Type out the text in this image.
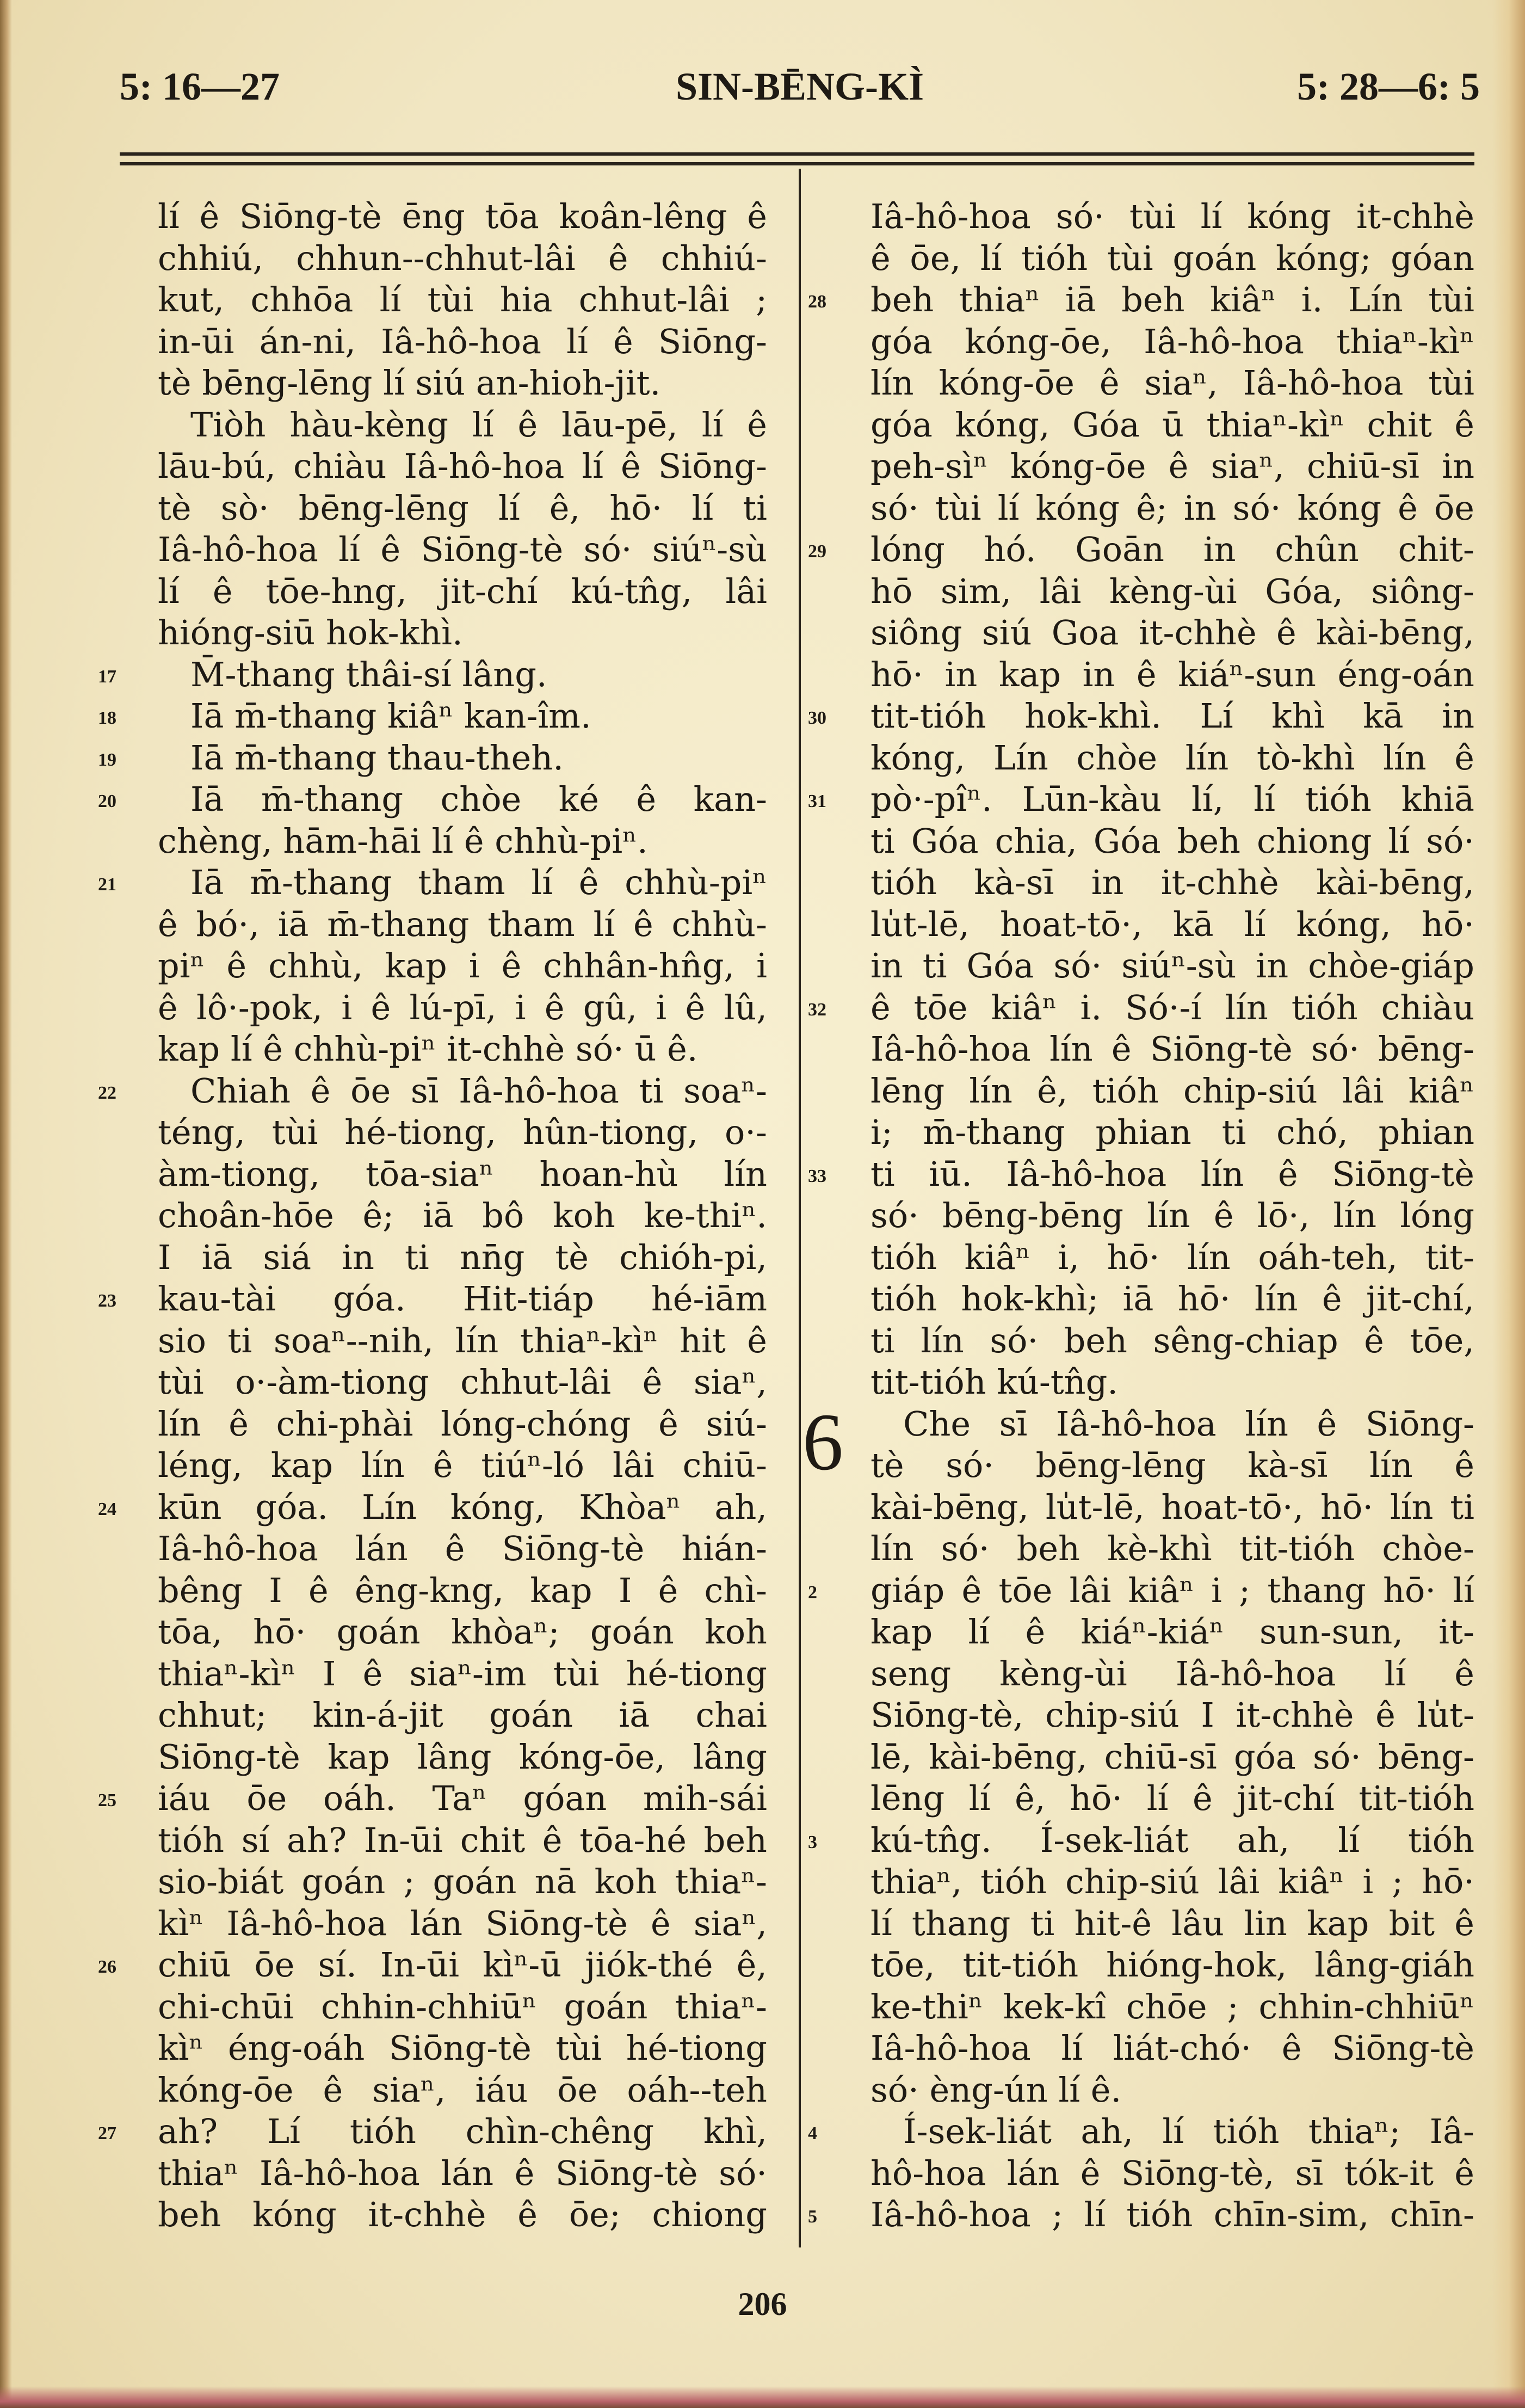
5: 16—27	SIN-BĒNG-KÌ	5: 28—6: 5
lí ê Siōng-tè ēng tōa koân-lêng ê
chhiú, chhun--chhut-lâi ê chhiú-
kut, chhōa lí tùi hia chhut-lâi ;
in-ūi án-ni, Iâ-hô-hoa lí ê Siōng-
tè bēng-lēng lí siú an-hioh-jit.
Tiòh hàu-kèng lí ê lāu-pē, lí ê
lāu-bú, chiàu Iâ-hô-hoa lí ê Siōng-
tè sò· bēng-lēng lí ê, hō· lí ti
Iâ-hô-hoa lí ê Siōng-tè só· siúⁿ-sù
lí ê tōe-hng, jit-chí kú-tn̂g, lâi
hióng-siū hok-khì.
17 M̄-thang thâi-sí lâng.
18 Iā m̄-thang kiâⁿ kan-îm.
19 Iā m̄-thang thau-theh.
20 Iā m̄-thang chòe ké ê kan-
chèng, hām-hāi lí ê chhù-piⁿ.
21 Iā m̄-thang tham lí ê chhù-piⁿ
ê bó·, iā m̄-thang tham lí ê chhù-
piⁿ ê chhù, kap i ê chhân-hn̂g, i
ê lô·-pok, i ê lú-pī, i ê gû, i ê lû,
kap lí ê chhù-piⁿ it-chhè só· ū ê.
22 Chiah ê ōe sī Iâ-hô-hoa ti soaⁿ-
téng, tùi hé-tiong, hûn-tiong, o·-
àm-tiong, tōa-siaⁿ hoan-hù lín
choân-hōe ê; iā bô koh ke-thiⁿ.
I iā siá in ti nn̄g tè chióh-pi,
23 kau-tài góa. Hit-tiáp hé-iām
sio ti soaⁿ--nih, lín thiaⁿ-kìⁿ hit ê
tùi o·-àm-tiong chhut-lâi ê siaⁿ,
lín ê chi-phài lóng-chóng ê siú-
léng, kap lín ê tiúⁿ-ló lâi chiū-
24 kūn góa. Lín kóng, Khòaⁿ ah,
Iâ-hô-hoa lán ê Siōng-tè hián-
bêng I ê êng-kng, kap I ê chì-
tōa, hō· goán khòaⁿ; goán koh
thiaⁿ-kìⁿ I ê siaⁿ-im tùi hé-tiong
chhut; kin-á-jit goán iā chai
Siōng-tè kap lâng kóng-ōe, lâng
25 iáu ōe oáh. Taⁿ góan mih-sái
tióh sí ah? In-ūi chit ê tōa-hé beh
sio-biát goán ; goán nā koh thiaⁿ-
kìⁿ Iâ-hô-hoa lán Siōng-tè ê siaⁿ,
26 chiū ōe sí. In-ūi kìⁿ-ū jiók-thé ê,
chi-chūi chhin-chhiūⁿ goán thiaⁿ-
kìⁿ éng-oáh Siōng-tè tùi hé-tiong
kóng-ōe ê siaⁿ, iáu ōe oáh--teh
27 ah? Lí tióh chìn-chêng khì,
thiaⁿ Iâ-hô-hoa lán ê Siōng-tè só·
beh kóng it-chhè ê ōe; chiong
Iâ-hô-hoa só· tùi lí kóng it-chhè
ê ōe, lí tióh tùi goán kóng; góan
28 beh thiaⁿ iā beh kiâⁿ i. Lín tùi
góa kóng-ōe, Iâ-hô-hoa thiaⁿ-kìⁿ
lín kóng-ōe ê siaⁿ, Iâ-hô-hoa tùi
góa kóng, Góa ū thiaⁿ-kìⁿ chit ê
peh-sìⁿ kóng-ōe ê siaⁿ, chiū-sī in
só· tùi lí kóng ê; in só· kóng ê ōe
29 lóng hó. Goān in chûn chit-
hō sim, lâi kèng-ùi Góa, siông-
siông siú Goa it-chhè ê kài-bēng,
hō· in kap in ê kiáⁿ-sun éng-oán
30 tit-tióh hok-khì. Lí khì kā in
kóng, Lín chòe lín tò-khì lín ê
31 pò·-pîⁿ. Lūn-kàu lí, lí tióh khiā
ti Góa chia, Góa beh chiong lí só·
tióh kà-sī in it-chhè kài-bēng,
lu̍t-lē, hoat-tō·, kā lí kóng, hō·
in ti Góa só· siúⁿ-sù in chòe-giáp
32 ê tōe kiâⁿ i. Só·-í lín tióh chiàu
Iâ-hô-hoa lín ê Siōng-tè só· bēng-
lēng lín ê, tióh chip-siú lâi kiâⁿ
i; m̄-thang phian ti chó, phian
33 ti iū. Iâ-hô-hoa lín ê Siōng-tè
só· bēng-bēng lín ê lō·, lín lóng
tióh kiâⁿ i, hō· lín oáh-teh, tit-
tióh hok-khì; iā hō· lín ê jit-chí,
ti lín só· beh sêng-chiap ê tōe,
tit-tióh kú-tn̂g.
6 Che sī Iâ-hô-hoa lín ê Siōng-
tè só· bēng-lēng kà-sī lín ê
kài-bēng, lu̍t-lē, hoat-tō·, hō· lín ti
lín só· beh kè-khì tit-tióh chòe-
2 giáp ê tōe lâi kiâⁿ i ; thang hō· lí
kap lí ê kiáⁿ-kiáⁿ sun-sun, it-
seng kèng-ùi Iâ-hô-hoa lí ê
Siōng-tè, chip-siú I it-chhè ê lu̍t-
lē, kài-bēng, chiū-sī góa só· bēng-
lēng lí ê, hō· lí ê jit-chí tit-tióh
3 kú-tn̂g. Í-sek-liát ah, lí tióh
thiaⁿ, tióh chip-siú lâi kiâⁿ i ; hō·
lí thang ti hit-ê lâu lin kap bit ê
tōe, tit-tióh hióng-hok, lâng-giáh
ke-thiⁿ kek-kî chōe ; chhin-chhiūⁿ
Iâ-hô-hoa lí liát-chó· ê Siōng-tè
só· èng-ún lí ê.
4	Í-sek-liát ah, lí tióh thiaⁿ; Iâ-
hô-hoa lán ê Siōng-tè, sī tók-it ê
5 Iâ-hô-hoa ; lí tióh chīn-sim, chīn-
206
